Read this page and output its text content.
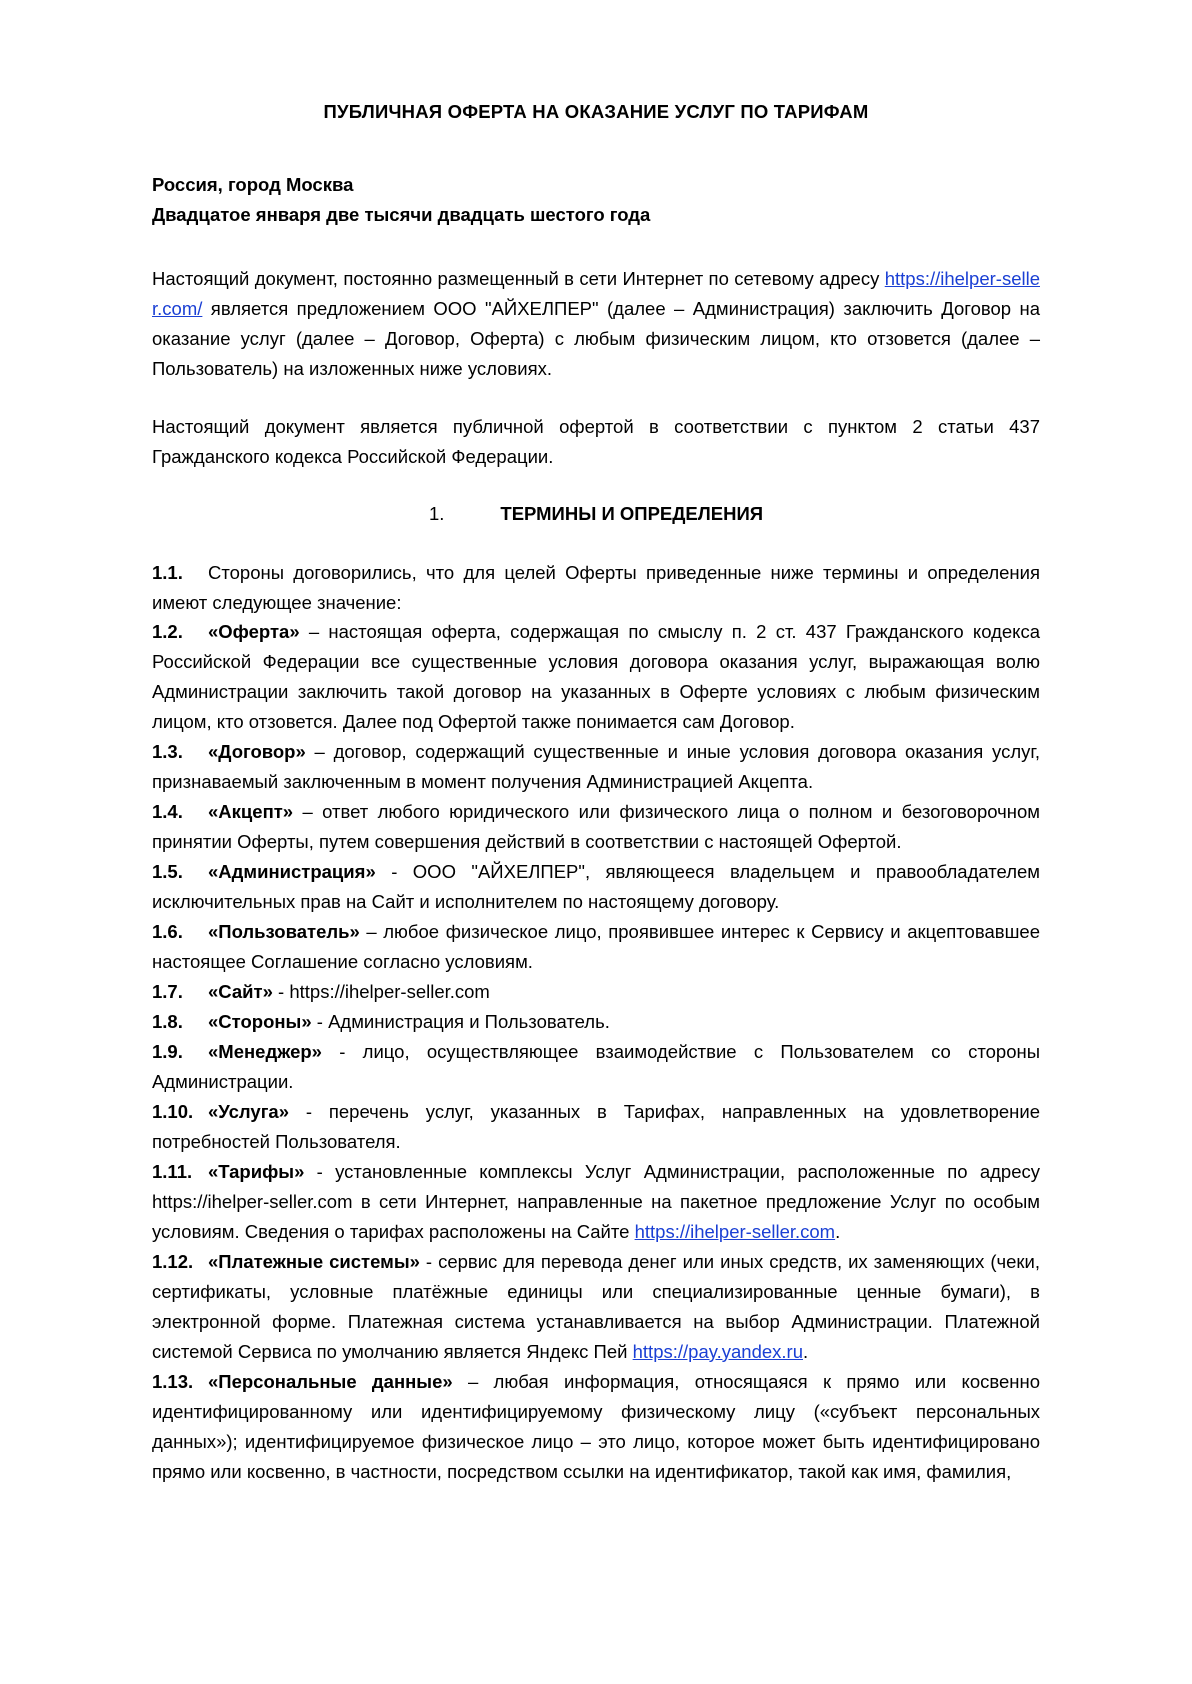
ПУБЛИЧНАЯ ОФЕРТА НА ОКАЗАНИЕ УСЛУГ ПО ТАРИФАМ
Россия, город Москва
Двадцатое января две тысячи двадцать шестого года

Настоящий документ, постоянно размещенный в сети Интернет по сетевому адресу https://ihelper-seller.com/ является предложением ООО "АЙХЕЛПЕР" (далее – Администрация) заключить Договор на оказание услуг (далее – Договор, Оферта) с любым физическим лицом, кто отзовется (далее – Пользователь) на изложенных ниже условиях.

Настоящий документ является публичной офертой в соответствии с пунктом 2 статьи 437 Гражданского кодекса Российской Федерации.

1.	ТЕРМИНЫ И ОПРЕДЕЛЕНИЯ

1.1. Стороны договорились, что для целей Оферты приведенные ниже термины и определения имеют следующее значение:

1.2. «Оферта» – настоящая оферта, содержащая по смыслу п. 2 ст. 437 Гражданского кодекса Российской Федерации все существенные условия договора оказания услуг, выражающая волю Администрации заключить такой договор на указанных в Оферте условиях с любым физическим лицом, кто отзовется. Далее под Офертой также понимается сам Договор.

1.3. «Договор» – договор, содержащий существенные и иные условия договора оказания услуг, признаваемый заключенным в момент получения Администрацией Акцепта.

1.4. «Акцепт» – ответ любого юридического или физического лица о полном и безоговорочном принятии Оферты, путем совершения действий в соответствии с настоящей Офертой.

1.5. «Администрация» - ООО "АЙХЕЛПЕР", являющееся владельцем и правообладателем исключительных прав на Сайт и исполнителем по настоящему договору.

1.6. «Пользователь» – любое физическое лицо, проявившее интерес к Сервису и акцептовавшее настоящее Соглашение согласно условиям.

1.7. «Сайт» - https://ihelper-seller.com

1.8. «Стороны» - Администрация и Пользователь.

1.9. «Менеджер» - лицо, осуществляющее взаимодействие с Пользователем со стороны Администрации.

1.10. «Услуга» - перечень услуг, указанных в Тарифах, направленных на удовлетворение потребностей Пользователя.

1.11. «Тарифы» - установленные комплексы Услуг Администрации, расположенные по адресу https://ihelper-seller.com в сети Интернет, направленные на пакетное предложение Услуг по особым условиям. Сведения о тарифах расположены на Сайте https://ihelper-seller.com.

1.12. «Платежные системы» - сервис для перевода денег или иных средств, их заменяющих (чеки, сертификаты, условные платёжные единицы или специализированные ценные бумаги), в электронной форме. Платежная система устанавливается на выбор Администрации. Платежной системой Сервиса по умолчанию является Яндекс Пей https://pay.yandex.ru.

1.13. «Персональные данные» – любая информация, относящаяся к прямо или косвенно идентифицированному или идентифицируемому физическому лицу («субъект персональных данных»); идентифицируемое физическое лицо – это лицо, которое может быть идентифицировано прямо или косвенно, в частности, посредством ссылки на идентификатор, такой как имя, фамилия,
